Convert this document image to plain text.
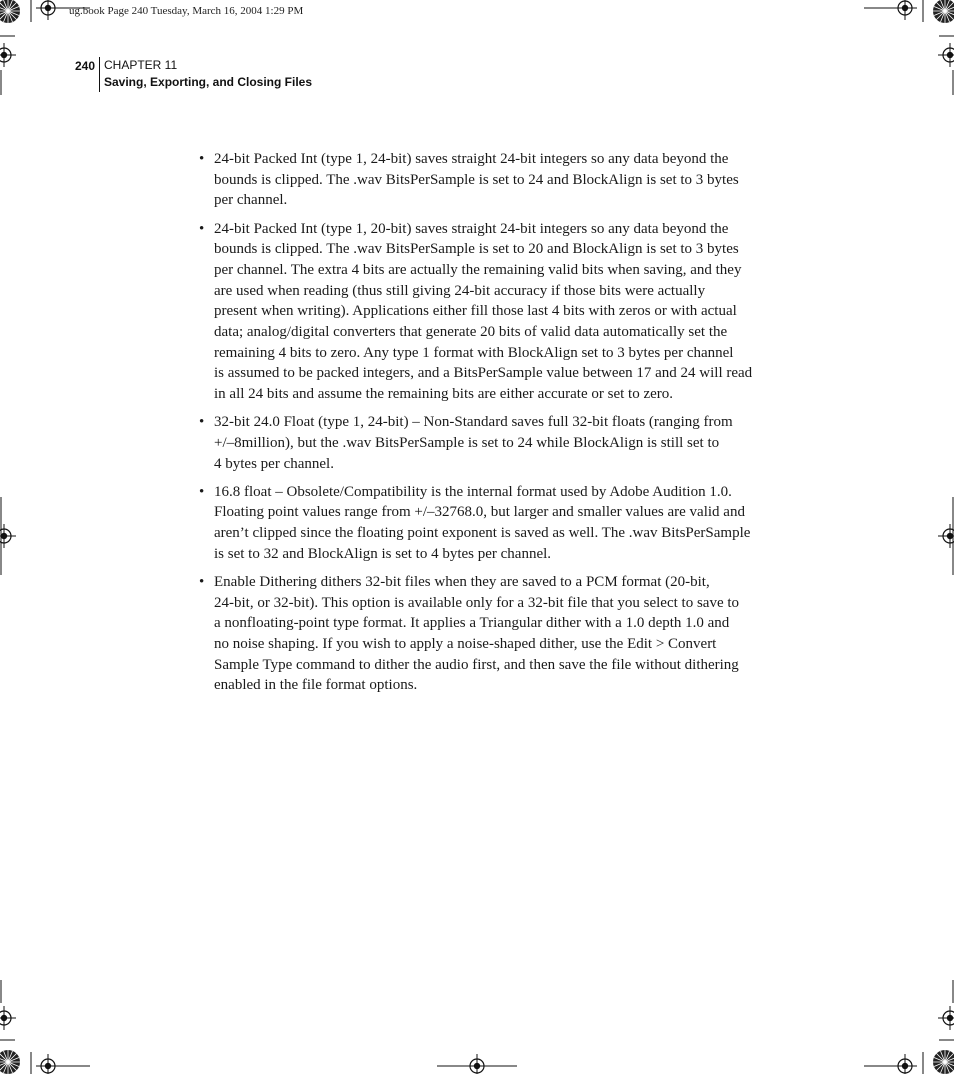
ug.book Page 240 Tuesday, March 16, 2004 1:29 PM
240 CHAPTER 11
Saving, Exporting, and Closing Files
• 24-bit Packed Int (type 1, 24-bit) saves straight 24-bit integers so any data beyond the
bounds is clipped. The .wav BitsPerSample is set to 24 and BlockAlign is set to 3 bytes
per channel.
• 24-bit Packed Int (type 1, 20-bit) saves straight 24-bit integers so any data beyond the
bounds is clipped. The .wav BitsPerSample is set to 20 and BlockAlign is set to 3 bytes
per channel. The extra 4 bits are actually the remaining valid bits when saving, and they
are used when reading (thus still giving 24-bit accuracy if those bits were actually
present when writing). Applications either fill those last 4 bits with zeros or with actual
data; analog/digital converters that generate 20 bits of valid data automatically set the
remaining 4 bits to zero. Any type 1 format with BlockAlign set to 3 bytes per channel
is assumed to be packed integers, and a BitsPerSample value between 17 and 24 will read
in all 24 bits and assume the remaining bits are either accurate or set to zero.
• 32-bit 24.0 Float (type 1, 24-bit) – Non-Standard saves full 32-bit floats (ranging from
+/–8million), but the .wav BitsPerSample is set to 24 while BlockAlign is still set to
4 bytes per channel.
• 16.8 float – Obsolete/Compatibility is the internal format used by Adobe Audition 1.0.
Floating point values range from +/–32768.0, but larger and smaller values are valid and
aren’t clipped since the floating point exponent is saved as well. The .wav BitsPerSample
is set to 32 and BlockAlign is set to 4 bytes per channel.
• Enable Dithering dithers 32-bit files when they are saved to a PCM format (20-bit,
24-bit, or 32-bit). This option is available only for a 32-bit file that you select to save to
a nonfloating-point type format. It applies a Triangular dither with a 1.0 depth 1.0 and
no noise shaping. If you wish to apply a noise-shaped dither, use the Edit > Convert
Sample Type command to dither the audio first, and then save the file without dithering
enabled in the file format options.
